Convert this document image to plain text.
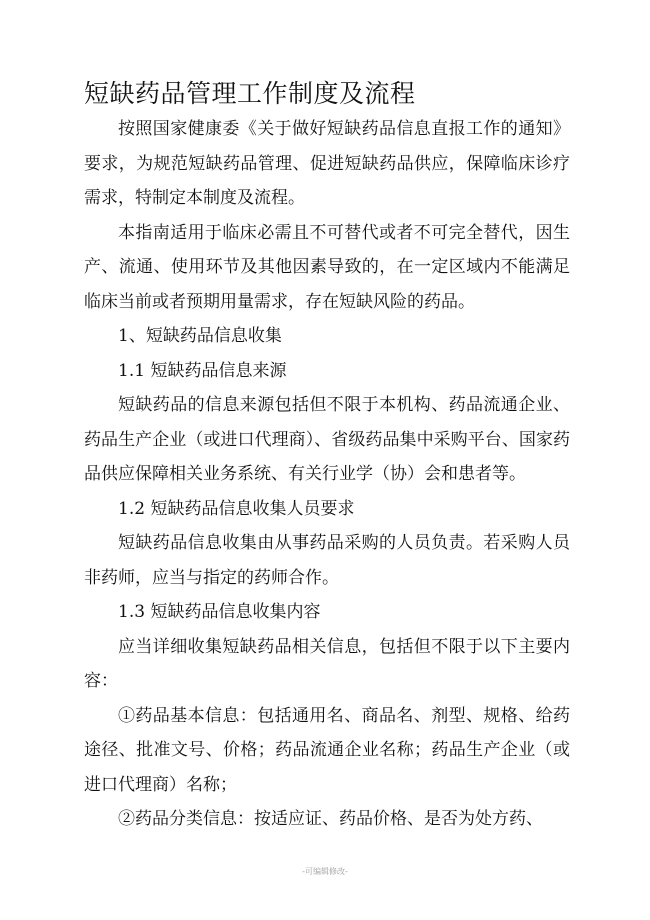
短缺药品管理工作制度及流程

按照国家健康委《关于做好短缺药品信息直报工作的通知》要求，为规范短缺药品管理、促进短缺药品供应，保障临床诊疗需求，特制定本制度及流程。

本指南适用于临床必需且不可替代或者不可完全替代，因生产、流通、使用环节及其他因素导致的，在一定区域内不能满足临床当前或者预期用量需求，存在短缺风险的药品。

1、短缺药品信息收集

1.1 短缺药品信息来源

短缺药品的信息来源包括但不限于本机构、药品流通企业、药品生产企业（或进口代理商）、省级药品集中采购平台、国家药品供应保障相关业务系统、有关行业学（协）会和患者等。

1.2 短缺药品信息收集人员要求

短缺药品信息收集由从事药品采购的人员负责。若采购人员非药师，应当与指定的药师合作。

1.3 短缺药品信息收集内容

应当详细收集短缺药品相关信息，包括但不限于以下主要内容：

①药品基本信息：包括通用名、商品名、剂型、规格、给药途径、批准文号、价格；药品流通企业名称；药品生产企业（或进口代理商）名称；

②药品分类信息：按适应证、药品价格、是否为处方药、

-可编辑修改-
